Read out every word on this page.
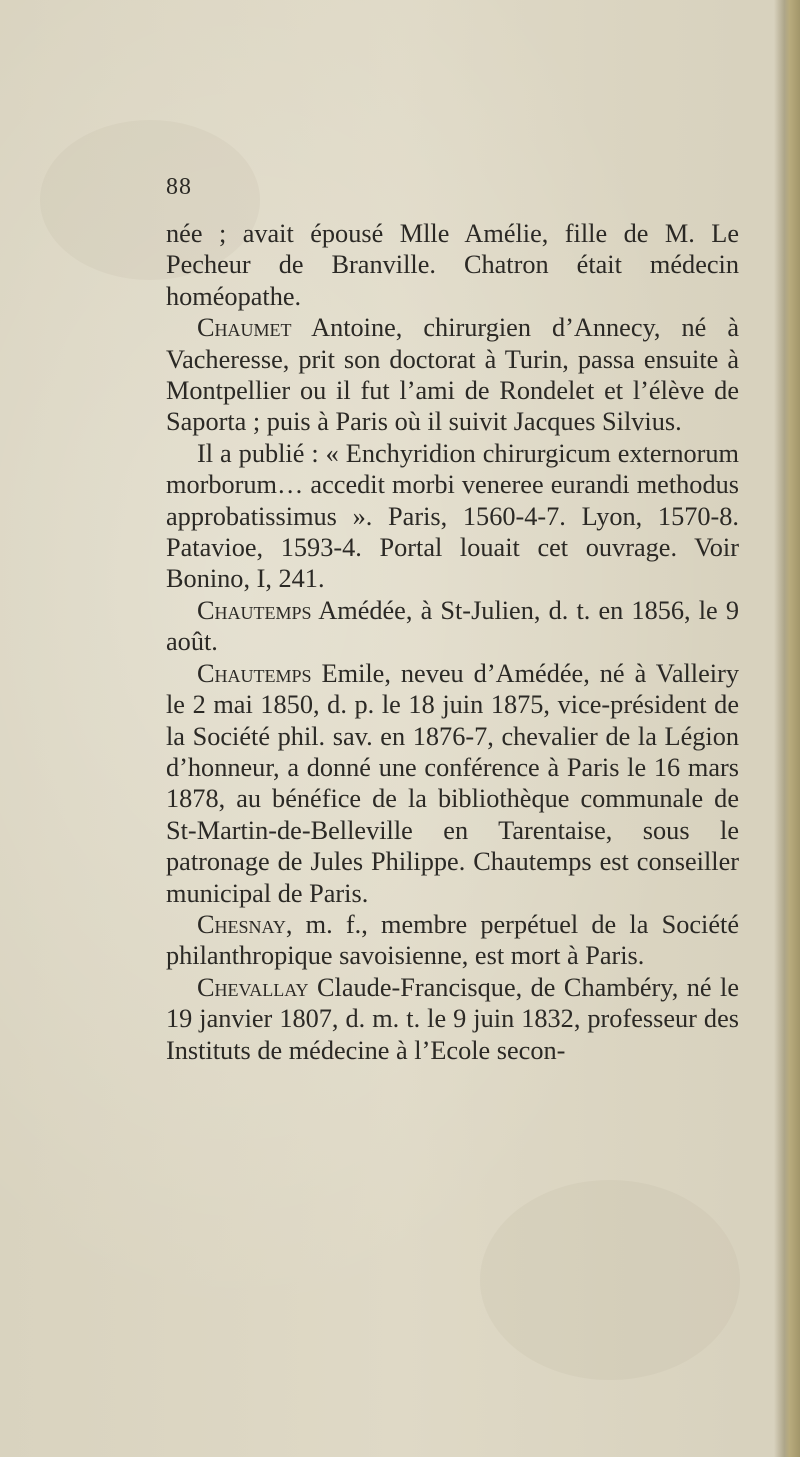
88

née ; avait épousé Mlle Amélie, fille de M. Le Pecheur de Branville. Chatron était médecin homéopathe.

Chaumet Antoine, chirurgien d’Annecy, né à Vacheresse, prit son doctorat à Turin, passa ensuite à Montpellier ou il fut l’ami de Rondelet et l’élève de Saporta ; puis à Paris où il suivit Jacques Silvius.

Il a publié : « Enchyridion chirurgicum externorum morborum… accedit morbi veneree eurandi methodus approbatissimus ». Paris, 1560-4-7. Lyon, 1570-8. Patavioe, 1593-4. Portal louait cet ouvrage. Voir Bonino, I, 241.

Chautemps Amédée, à St-Julien, d. t. en 1856, le 9 août.

Chautemps Emile, neveu d’Amédée, né à Valleiry le 2 mai 1850, d. p. le 18 juin 1875, vice-président de la Société phil. sav. en 1876-7, chevalier de la Légion d’honneur, a donné une conférence à Paris le 16 mars 1878, au bénéfice de la bibliothèque communale de St-Martin-de-Belleville en Tarentaise, sous le patronage de Jules Philippe. Chautemps est conseiller municipal de Paris.

Chesnay, m. f., membre perpétuel de la Société philanthropique savoisienne, est mort à Paris.

Chevallay Claude-Francisque, de Chambéry, né le 19 janvier 1807, d. m. t. le 9 juin 1832, professeur des Instituts de médecine à l’Ecole secon-
